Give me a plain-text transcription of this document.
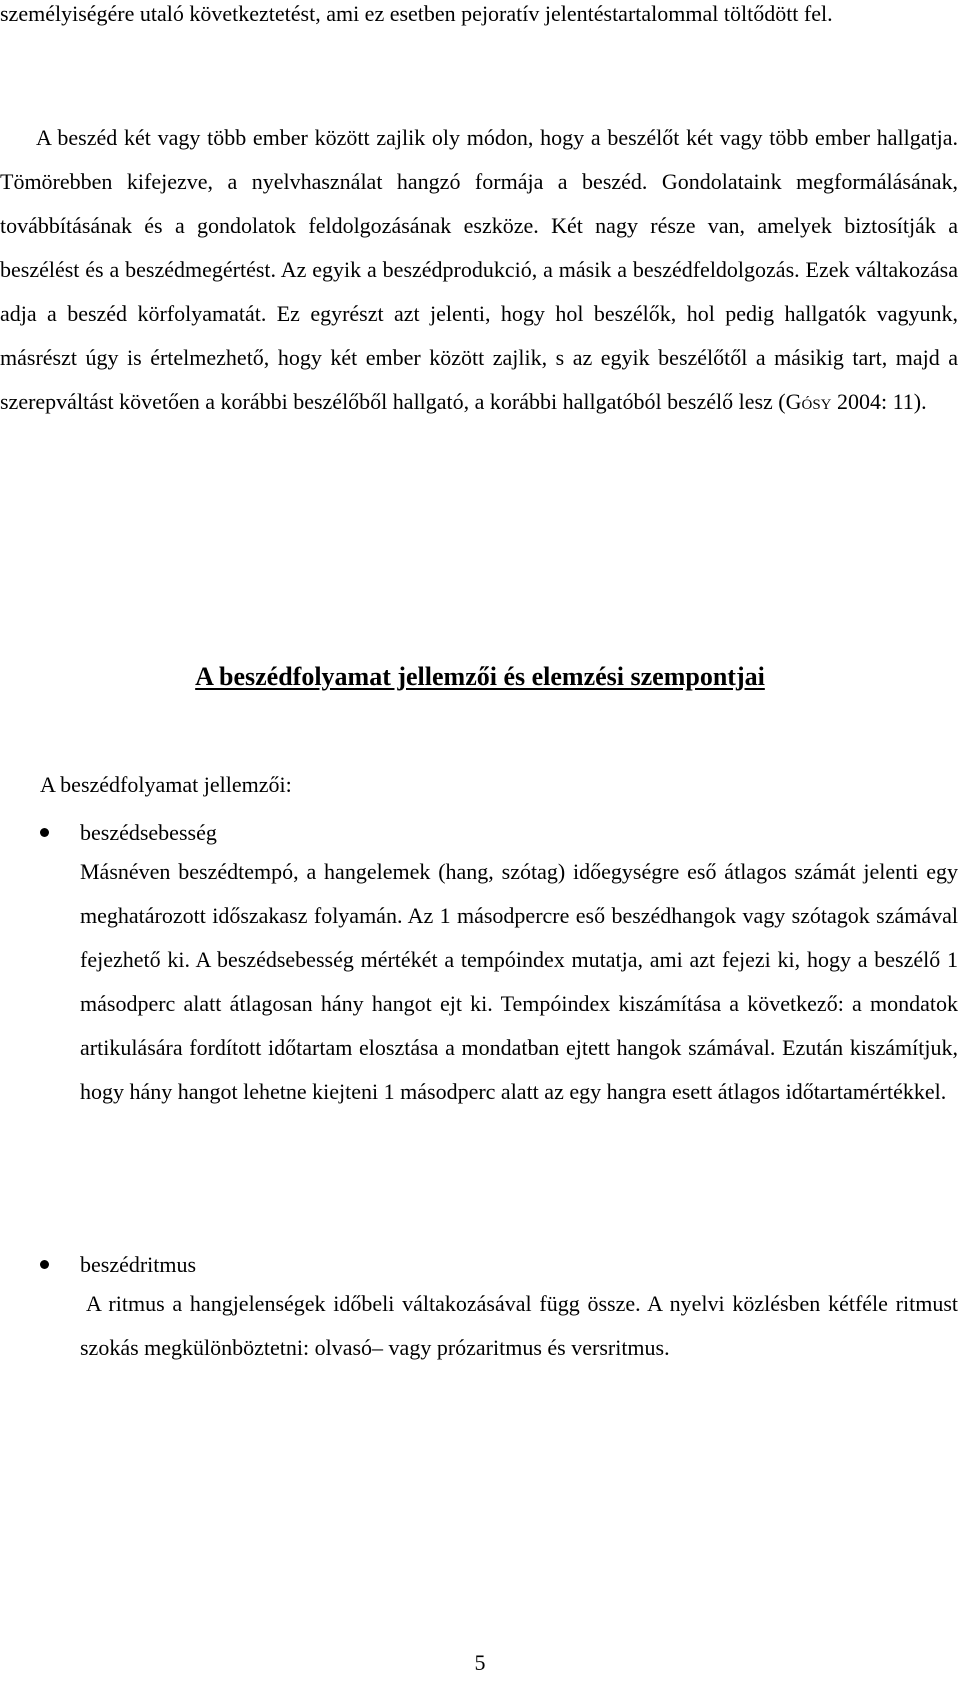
személyiségére utaló következtetést, ami ez esetben pejoratív jelentéstartalommal töltődött fel.

A beszéd két vagy több ember között zajlik oly módon, hogy a beszélőt két vagy több ember hallgatja. Tömörebben kifejezve, a nyelvhasználat hangzó formája a beszéd. Gondolataink megformálásának, továbbításának és a gondolatok feldolgozásának eszköze. Két nagy része van, amelyek biztosítják a beszélést és a beszédmegértést. Az egyik a beszédprodukció, a másik a beszédfeldolgozás. Ezek váltakozása adja a beszéd körfolyamatát. Ez egyrészt azt jelenti, hogy hol beszélők, hol pedig hallgatók vagyunk, másrészt úgy is értelmezhető, hogy két ember között zajlik, s az egyik beszélőtől a másikig tart, majd a szerepváltást követően a korábbi beszélőből hallgató, a korábbi hallgatóból beszélő lesz (Gósy 2004: 11).

A beszédfolyamat jellemzői és elemzési szempontjai

A beszédfolyamat jellemzői:

beszédsebesség

Másnéven beszédtempó, a hangelemek (hang, szótag) időegységre eső átlagos számát jelenti egy meghatározott időszakasz folyamán. Az 1 másodpercre eső beszédhangok vagy szótagok számával fejezhető ki. A beszédsebesség mértékét a tempóindex mutatja, ami azt fejezi ki, hogy a beszélő 1 másodperc alatt átlagosan hány hangot ejt ki. Tempóindex kiszámítása a következő: a mondatok artikulására fordított időtartam elosztása a mondatban ejtett hangok számával. Ezután kiszámítjuk, hogy hány hangot lehetne kiejteni 1 másodperc alatt az egy hangra esett átlagos időtartamértékkel.

beszédritmus

A ritmus a hangjelenségek időbeli váltakozásával függ össze. A nyelvi közlésben kétféle ritmust szokás megkülönböztetni: olvasó– vagy prózaritmus és versritmus.

5
